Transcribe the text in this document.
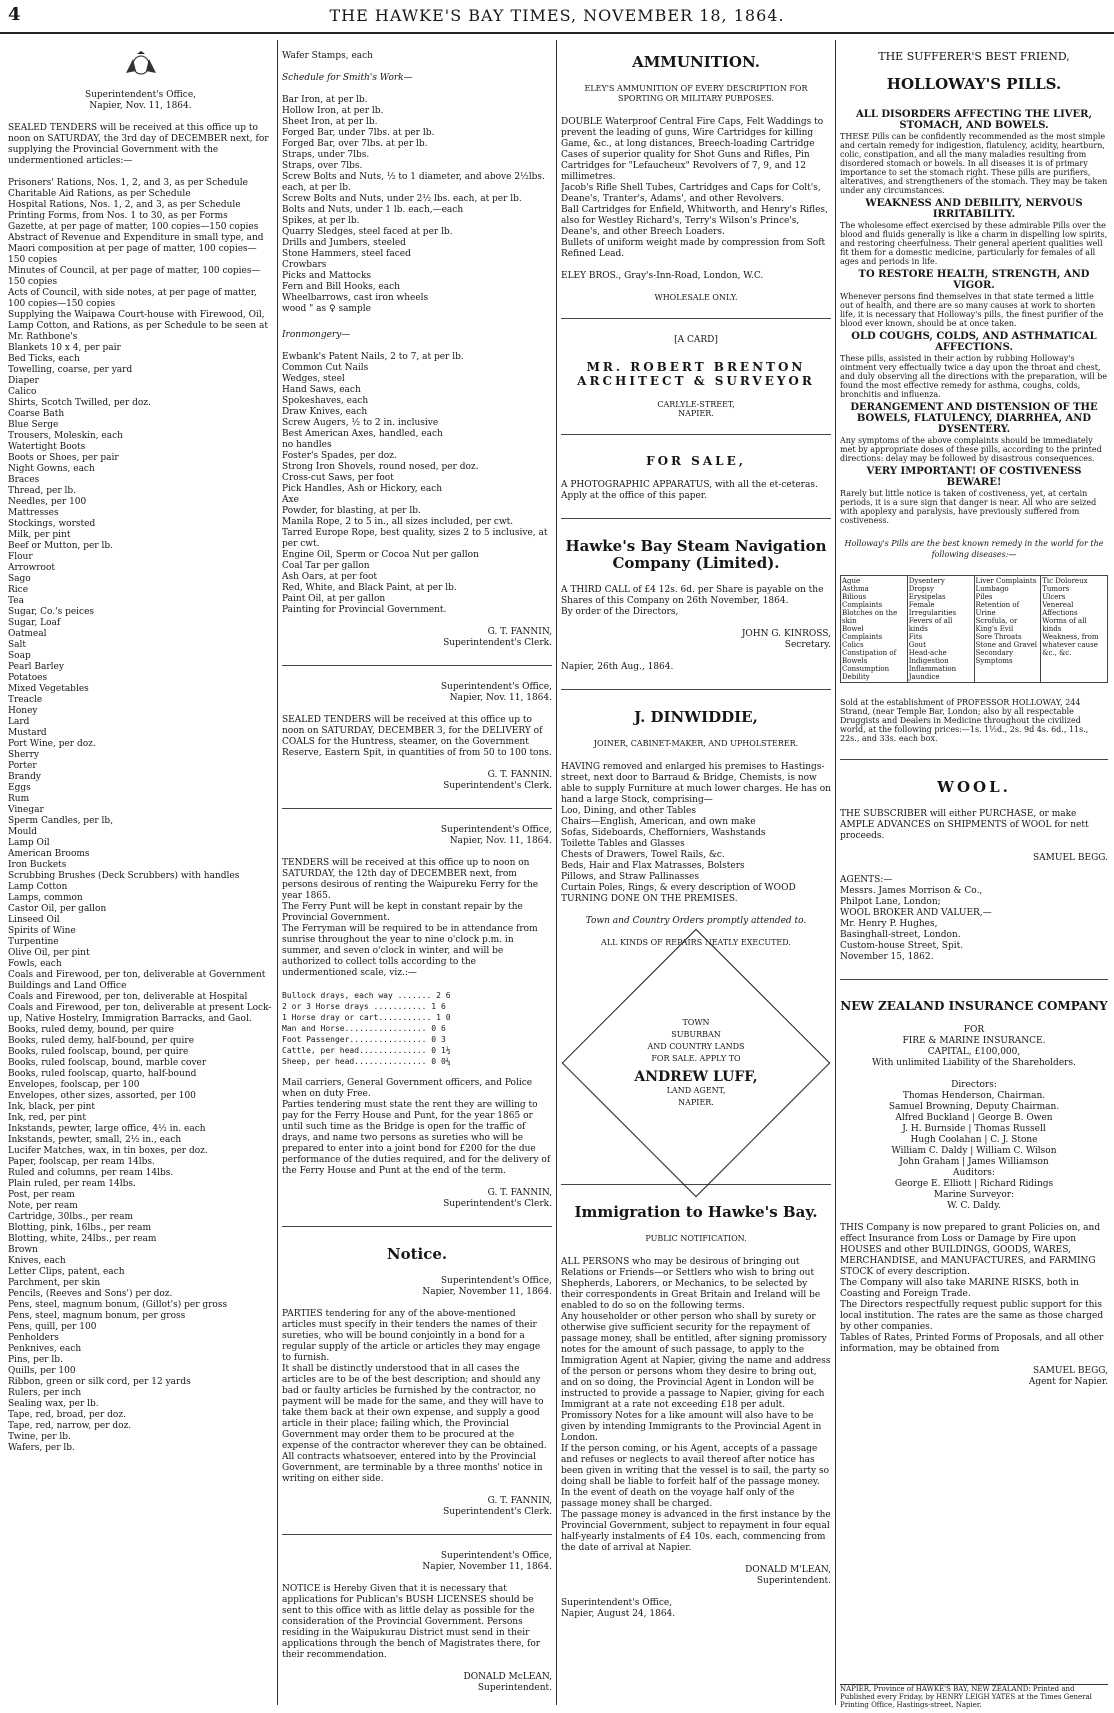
4	THE HAWKE'S BAY TIMES, NOVEMBER 18, 1864.

Superintendent's Office,
Napier, Nov. 11, 1864.

SEALED TENDERS will be received at this office up to noon on SATURDAY, the 3rd day of DECEMBER next, for supplying the Provincial Government with the undermentioned articles:—

Prisoners' Rations, Nos. 1, 2, and 3, as per Schedule
Charitable Aid Rations, as per Schedule
Hospital Rations, Nos. 1, 2, and 3, as per Schedule
Printing Forms, from Nos. 1 to 30, as per Forms
Gazette, at per page of matter, 100 copies—150 copies
Abstract of Revenue and Expenditure in small type, and Maori composition at per page of matter, 100 copies—150 copies
Minutes of Council, at per page of matter, 100 copies—150 copies
Acts of Council, with side notes, at per page of matter, 100 copies—150 copies
Supplying the Waipawa Court-house with Firewood, Oil, Lamp Cotton, and Rations, as per Schedule to be seen at Mr. Rathbone's
Blankets 10 x 4, per pair
Bed Ticks, each
Towelling, coarse, per yard
Diaper
Calico
Shirts, Scotch Twilled, per doz.
Coarse Bath
Blue Serge
Trousers, Moleskin, each
Watertight Boots
Boots or Shoes, per pair
Night Gowns, each
Braces
Thread, per lb.
Needles, per 100
Mattresses
Stockings, worsted
Milk, per pint
Beef or Mutton, per lb.
Flour
Arrowroot
Sago
Rice
Tea
Sugar, Co.'s peices
Sugar, Loaf
Oatmeal
Salt
Soap
Pearl Barley
Potatoes
Mixed Vegetables
Treacle
Honey
Lard
Mustard
Port Wine, per doz.
Sherry
Porter
Brandy
Eggs
Rum
Vinegar
Sperm Candles, per lb,
Mould
Lamp Oil
American Brooms
Iron Buckets
Scrubbing Brushes (Deck Scrubbers) with handles
Lamp Cotton
Lamps, common
Castor Oil, per gallon
Linseed Oil
Spirits of Wine
Turpentine
Olive Oil, per pint
Fowls, each
Coals and Firewood, per ton, deliverable at Government Buildings and Land Office
Coals and Firewood, per ton, deliverable at Hospital
Coals and Firewood, per ton, deliverable at present Lock-up, Native Hostelry, Immigration Barracks, and Gaol.
Books, ruled demy, bound, per quire
Books, ruled demy, half-bound, per quire
Books, ruled foolscap, bound, per quire
Books, ruled foolscap, bound, marble cover
Books, ruled foolscap, quarto, half-bound
Envelopes, foolscap, per 100
Envelopes, other sizes, assorted, per 100
Ink, black, per pint
Ink, red, per pint
Inkstands, pewter, large office, 4½ in. each
Inkstands, pewter, small, 2½ in., each
Lucifer Matches, wax, in tin boxes, per doz.
Paper, foolscap, per ream 14lbs.
Ruled and columns, per ream 14lbs.
Plain ruled, per ream 14lbs.
Post, per ream
Note, per ream
Cartridge, 30lbs., per ream
Blotting, pink, 16lbs., per ream
Blotting, white, 24lbs., per ream
Brown
Knives, each
Letter Clips, patent, each
Parchment, per skin
Pencils, (Reeves and Sons') per doz.
Pens, steel, magnum bonum, (Gillot's) per gross
Pens, steel, magnum bonum, per gross
Pens, quill, per 100
Penholders
Penknives, each
Pins, per lb.
Quills, per 100
Ribbon, green or silk cord, per 12 yards
Rulers, per inch
Sealing wax, per lb.
Tape, red, broad, per doz.
Tape, red, narrow, per doz.
Twine, per lb.
Wafers, per lb.

Wafer Stamps, each

Schedule for Smith's Work—

Bar Iron, at per lb.
Hollow Iron, at per lb.
Sheet Iron, at per lb.
Forged Bar, under 7lbs. at per lb.
Forged Bar, over 7lbs. at per lb.
Straps, under 7lbs.
Straps, over 7lbs.
Screw Bolts and Nuts, ½ to 1 diameter, and above 2½lbs. each, at per lb.
Screw Bolts and Nuts, under 2½ lbs. each, at per lb.
Bolts and Nuts, under 1 lb. each,—each
Spikes, at per lb.
Quarry Sledges, steel faced at per lb.
Drills and Jumbers, steeled
Stone Hammers, steel faced
Crowbars
Picks and Mattocks
Fern and Bill Hooks, each
Wheelbarrows, cast iron wheels
wood " as ♀ sample

Ironmongery—

Ewbank's Patent Nails, 2 to 7, at per lb.
Common Cut Nails
Wedges, steel
Hand Saws, each
Spokeshaves, each
Draw Knives, each
Screw Augers, ½ to 2 in. inclusive
Best American Axes, handled, each
no handles
Foster's Spades, per doz.
Strong Iron Shovels, round nosed, per doz.
Cross-cut Saws, per foot
Pick Handles, Ash or Hickory, each
Axe
Powder, for blasting, at per lb.
Manila Rope, 2 to 5 in., all sizes included, per cwt.
Tarred Europe Rope, best quality, sizes 2 to 5 inclusive, at per cwt.
Engine Oil, Sperm or Cocoa Nut per gallon
Coal Tar per gallon
Ash Oars, at per foot
Red, White, and Black Paint, at per lb.
Paint Oil, at per gallon
Painting for Provincial Government.

G. T. FANNIN,
Superintendent's Clerk.

Superintendent's Office,
Napier, Nov. 11, 1864.

SEALED TENDERS will be received at this office up to noon on SATURDAY, DECEMBER 3, for the DELIVERY of COALS for the Huntress, steamer, on the Government Reserve, Eastern Spit, in quantities of from 50 to 100 tons.

G. T. FANNIN.
Superintendent's Clerk.

Superintendent's Office,
Napier, Nov. 11, 1864.

TENDERS will be received at this office up to noon on SATURDAY, the 12th day of DECEMBER next, from persons desirous of renting the Waipureku Ferry for the year 1865.
The Ferry Punt will be kept in constant repair by the Provincial Government.
The Ferryman will be required to be in attendance from sunrise throughout the year to nine o'clock p.m. in summer, and seven o'clock in winter, and will be authorized to collect tolls according to the undermentioned scale, viz.:—

Bullock drays, each way ....... 2 6
2 or 3 Horse drays ........... 1 6
1 Horse dray or cart........... 1 0
Man and Horse................. 0 6
Foot Passenger................ 0 3
Cattle, per head.............. 0 1½
Sheep, per head............... 0 0¼

Mail carriers, General Government officers, and Police when on duty Free.
Parties tendering must state the rent they are willing to pay for the Ferry House and Punt, for the year 1865 or until such time as the Bridge is open for the traffic of drays, and name two persons as sureties who will be prepared to enter into a joint bond for £200 for the due performance of the duties required, and for the delivery of the Ferry House and Punt at the end of the term.

G. T. FANNIN,
Superintendent's Clerk.

Notice.

Superintendent's Office,
Napier, November 11, 1864.

PARTIES tendering for any of the above-mentioned articles must specify in their tenders the names of their sureties, who will be bound conjointly in a bond for a regular supply of the article or articles they may engage to furnish.
It shall be distinctly understood that in all cases the articles are to be of the best description; and should any bad or faulty articles be furnished by the contractor, no payment will be made for the same, and they will have to take them back at their own expense, and supply a good article in their place; failing which, the Provincial Government may order them to be procured at the expense of the contractor wherever they can be obtained.
All contracts whatsoever, entered into by the Provincial Government, are terminable by a three months' notice in writing on either side.

G. T. FANNIN,
Superintendent's Clerk.

Superintendent's Office,
Napier, November 11, 1864.

NOTICE is Hereby Given that it is necessary that applications for Publican's BUSH LICENSES should be sent to this office with as little delay as possible for the consideration of the Provincial Government. Persons residing in the Waipukurau District must send in their applications through the bench of Magistrates there, for their recommendation.

DONALD McLEAN,
Superintendent.

AMMUNITION.

ELEY'S AMMUNITION OF EVERY DESCRIPTION FOR SPORTING OR MILITARY PURPOSES.

DOUBLE Waterproof Central Fire Caps, Felt Waddings to prevent the leading of guns, Wire Cartridges for killing Game, &c., at long distances, Breech-loading Cartridge Cases of superior quality for Shot Guns and Rifles, Pin Cartridges for "Lefaucheux" Revolvers of 7, 9, and 12 millimetres.
Jacob's Rifle Shell Tubes, Cartridges and Caps for Colt's, Deane's, Tranter's, Adams', and other Revolvers.
Ball Cartridges for Enfield, Whitworth, and Henry's Rifles, also for Westley Richard's, Terry's Wilson's Prince's, Deane's, and other Breech Loaders.
Bullets of uniform weight made by compression from Soft Refined Lead.

ELEY BROS., Gray's-Inn-Road, London, W.C.

WHOLESALE ONLY.

[A CARD]

MR. ROBERT BRENTON
ARCHITECT & SURVEYOR

CARLYLE-STREET,
NAPIER.

FOR SALE,

A PHOTOGRAPHIC APPARATUS, with all the et-ceteras.
Apply at the office of this paper.

Hawke's Bay Steam Navigation Company (Limited).

A THIRD CALL of £4 12s. 6d. per Share is payable on the Shares of this Company on 26th November, 1864.
By order of the Directors,

JOHN G. KINROSS,
Secretary.

Napier, 26th Aug., 1864.

J. DINWIDDIE,

JOINER, CABINET-MAKER, AND UPHOLSTERER.

HAVING removed and enlarged his premises to Hastings-street, next door to Barraud & Bridge, Chemists, is now able to supply Furniture at much lower charges. He has on hand a large Stock, comprising—
Loo, Dining, and other Tables
Chairs—English, American, and own make
Sofas, Sideboards, Chefforniers, Washstands
Toilette Tables and Glasses
Chests of Drawers, Towel Rails, &c.
Beds, Hair and Flax Matrasses, Bolsters
Pillows, and Straw Pallinasses
Curtain Poles, Rings, & every description of WOOD TURNING DONE ON THE PREMISES.

Town and Country Orders promptly attended to.

ALL KINDS OF REPAIRS NEATLY EXECUTED.

TOWN
SUBURBAN
AND COUNTRY LANDS
FOR SALE. APPLY TO
ANDREW LUFF,
LAND AGENT,
NAPIER.

Immigration to Hawke's Bay.

PUBLIC NOTIFICATION.

ALL PERSONS who may be desirous of bringing out Relations or Friends—or Settlers who wish to bring out Shepherds, Laborers, or Mechanics, to be selected by their correspondents in Great Britain and Ireland will be enabled to do so on the following terms.
Any householder or other person who shall by surety or otherwise give sufficient security for the repayment of passage money, shall be entitled, after signing promissory notes for the amount of such passage, to apply to the Immigration Agent at Napier, giving the name and address of the person or persons whom they desire to bring out, and on so doing, the Provincial Agent in London will be instructed to provide a passage to Napier, giving for each Immigrant at a rate not exceeding £18 per adult.
Promissory Notes for a like amount will also have to be given by intending Immigrants to the Provincial Agent in London.
If the person coming, or his Agent, accepts of a passage and refuses or neglects to avail thereof after notice has been given in writing that the vessel is to sail, the party so doing shall be liable to forfeit half of the passage money.
In the event of death on the voyage half only of the passage money shall be charged.
The passage money is advanced in the first instance by the Provincial Government, subject to repayment in four equal half-yearly instalments of £4 10s. each, commencing from the date of arrival at Napier.

DONALD M'LEAN,
Superintendent.

Superintendent's Office,
Napier, August 24, 1864.

THE SUFFERER'S BEST FRIEND,

HOLLOWAY'S PILLS.

ALL DISORDERS AFFECTING THE LIVER, STOMACH, AND BOWELS.
THESE Pills can be confidently recommended as the most simple and certain remedy for indigestion, flatulency, acidity, heartburn, colic, constipation, and all the many maladies resulting from disordered stomach or bowels. In all diseases it is of primary importance to set the stomach right. These pills are purifiers, alteratives, and strengtheners of the stomach. They may be taken under any circumstances.
WEAKNESS AND DEBILITY, NERVOUS IRRITABILITY.
The wholesome effect exercised by these admirable Pills over the blood and fluids generally is like a charm in dispelling low spirits, and restoring cheerfulness. Their general aperient qualities well fit them for a domestic medicine, particularly for females of all ages and periods in life.
TO RESTORE HEALTH, STRENGTH, AND VIGOR.
Whenever persons find themselves in that state termed a little out of health, and there are so many causes at work to shorten life, it is necessary that Holloway's pills, the finest purifier of the blood ever known, should be at once taken.
OLD COUGHS, COLDS, AND ASTHMATICAL AFFECTIONS.
These pills, assisted in their action by rubbing Holloway's ointment very effectually twice a day upon the throat and chest, and duly observing all the directions with the preparation, will be found the most effective remedy for asthma, coughs, colds, bronchitis and influenza.
DERANGEMENT AND DISTENSION OF THE BOWELS, FLATULENCY, DIARRHEA, AND DYSENTERY.
Any symptoms of the above complaints should be immediately met by appropriate doses of these pills, according to the printed directions: delay may be followed by disastrous consequences.
VERY IMPORTANT! OF COSTIVENESS BEWARE!
Rarely but little notice is taken of costiveness, yet, at certain periods, it is a sure sign that danger is near. All who are seized with apoplexy and paralysis, have previously suffered from costiveness.

Holloway's Pills are the best known remedy in the world for the following diseases:—

Ague
Asthma
Bilious Complaints
Blotches on the skin
Bowel Complaints
Colics
Constipation of Bowels
Consumption
Debility
Dysentery
Dropsy
Erysipelas
Female Irregularities
Fevers of all kinds
Fits
Gout
Head-ache
Indigestion
Inflammation
Jaundice
Liver Complaints
Lumbago
Piles
Retention of Urine
Scrofula, or King's Evil
Sore Throats
Stone and Gravel
Secondary Symptoms
Tic Doloreux
Tumors
Ulcers
Venereal Affections
Worms of all kinds
Weakness, from whatever cause
&c., &c.

Sold at the establishment of PROFESSOR HOLLOWAY, 244 Strand, (near Temple Bar, London; also by all respectable Druggists and Dealers in Medicine throughout the civilized world, at the following prices:—1s. 1½d., 2s. 9d 4s. 6d., 11s., 22s., and 33s. each box.

WOOL.

THE SUBSCRIBER will either PURCHASE, or make AMPLE ADVANCES on SHIPMENTS of WOOL for nett proceeds.

SAMUEL BEGG.

AGENTS:—
Messrs. James Morrison & Co.,
Philpot Lane, London;
WOOL BROKER AND VALUER,—
Mr. Henry P. Hughes,
Basinghall-street, London.
Custom-house Street, Spit.
November 15, 1862.

NEW ZEALAND INSURANCE COMPANY

FOR
FIRE & MARINE INSURANCE.
CAPITAL, £100,000,
With unlimited Liability of the Shareholders.

Directors:
Thomas Henderson, Chairman.
Samuel Browning, Deputy Chairman.
Alfred Buckland | George B. Owen
J. H. Burnside | Thomas Russell
Hugh Coolahan | C. J. Stone
William C. Daldy | William C. Wilson
John Graham | James Williamson
Auditors:
George E. Elliott | Richard Ridings
Marine Surveyor:
W. C. Daldy.

THIS Company is now prepared to grant Policies on, and effect Insurance from Loss or Damage by Fire upon HOUSES and other BUILDINGS, GOODS, WARES, MERCHANDISE, and MANUFACTURES, and FARMING STOCK of every description.
The Company will also take MARINE RISKS, both in Coasting and Foreign Trade.
The Directors respectfully request public support for this local institution. The rates are the same as those charged by other companies.
Tables of Rates, Printed Forms of Proposals, and all other information, may be obtained from

SAMUEL BEGG,
Agent for Napier.

NAPIER, Province of HAWKE'S BAY, NEW ZEALAND: Printed and Published every Friday, by HENRY LEIGH YATES at the Times General Printing Office, Hastings-street, Napier.
